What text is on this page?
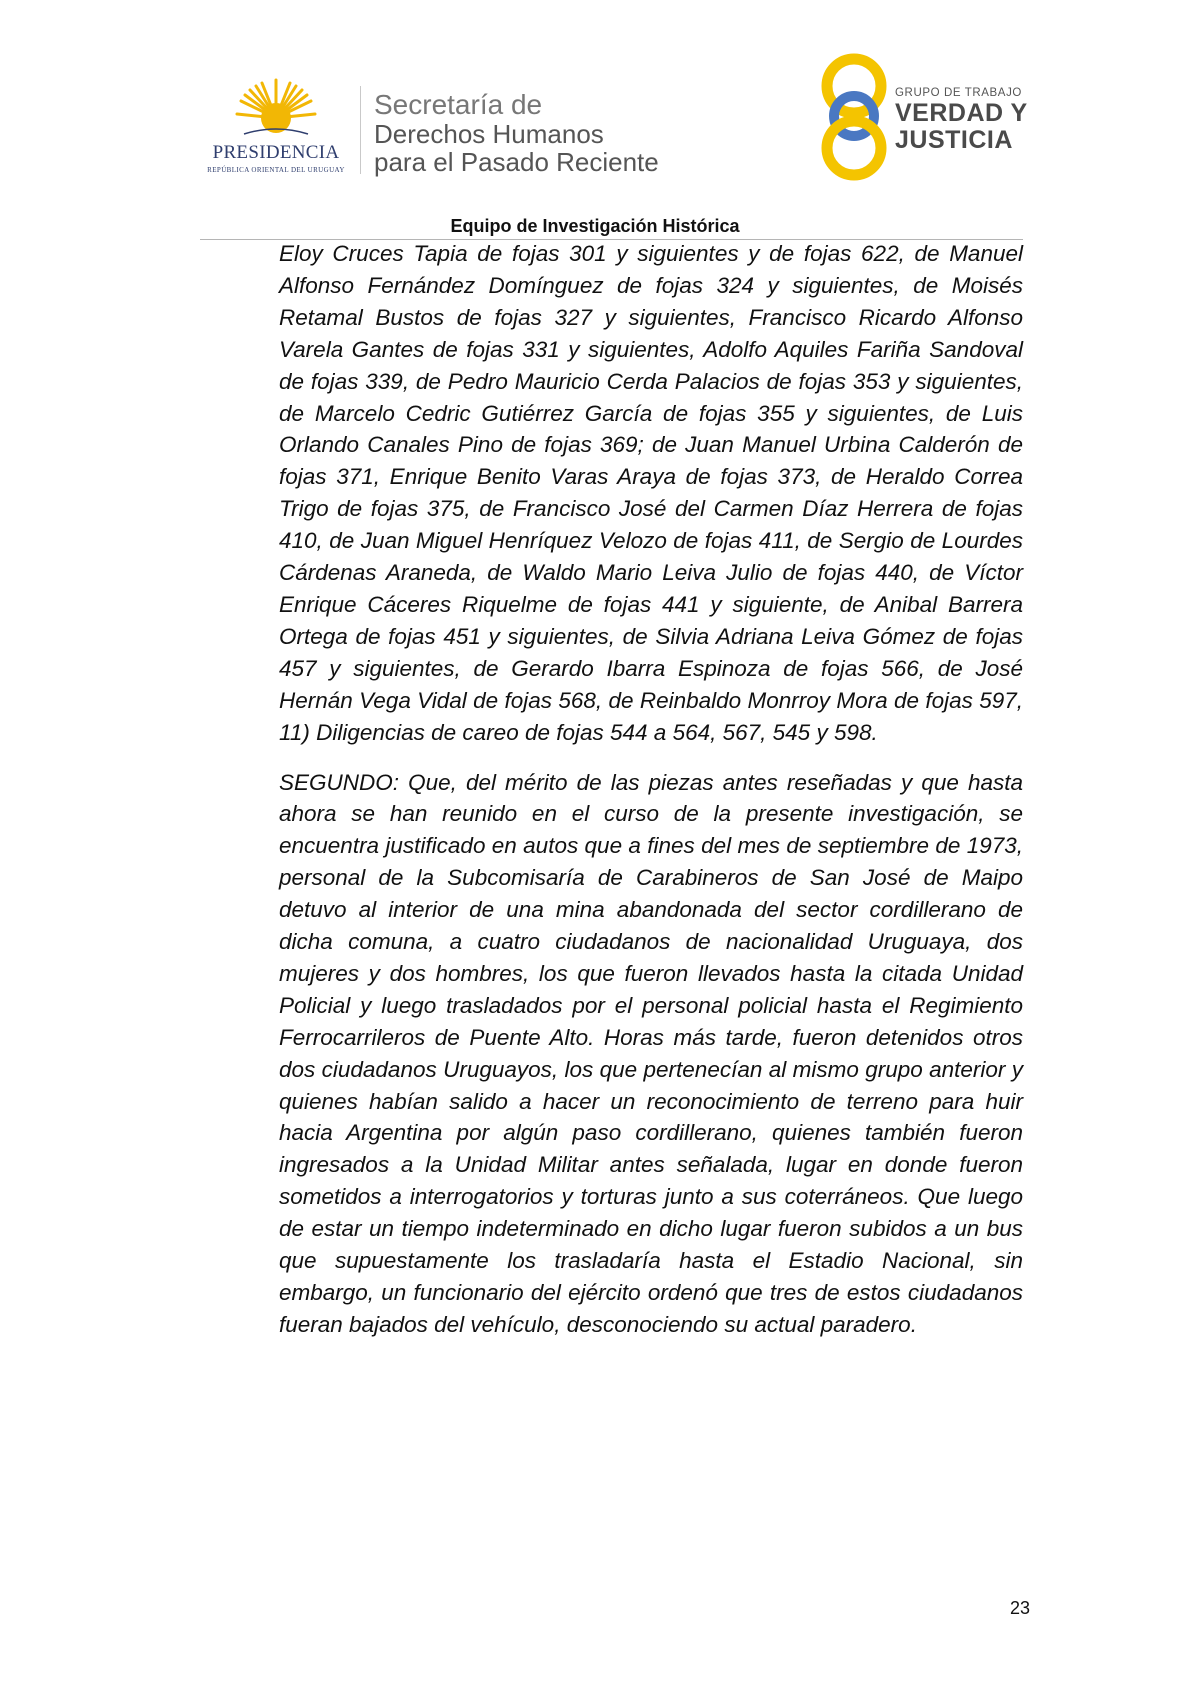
PRESIDENCIA
REPÚBLICA ORIENTAL DEL URUGUAY
Secretaría de
Derechos Humanos
para el Pasado Reciente
GRUPO DE TRABAJO
VERDAD Y
JUSTICIA
Equipo de Investigación Histórica

Eloy Cruces Tapia de fojas 301 y siguientes y de fojas 622, de Manuel Alfonso Fernández Domínguez de fojas 324 y siguientes, de Moisés Retamal Bustos de fojas 327 y siguientes, Francisco Ricardo Alfonso Varela Gantes de fojas 331 y siguientes, Adolfo Aquiles Fariña Sandoval de fojas 339, de Pedro Mauricio Cerda Palacios de fojas 353 y siguientes, de Marcelo Cedric Gutiérrez García de fojas 355 y siguientes, de Luis Orlando Canales Pino de fojas 369; de Juan Manuel Urbina Calderón de fojas 371, Enrique Benito Varas Araya de fojas 373, de Heraldo Correa Trigo de fojas 375, de Francisco José del Carmen Díaz Herrera de fojas 410, de Juan Miguel Henríquez Velozo de fojas 411, de Sergio de Lourdes Cárdenas Araneda, de Waldo Mario Leiva Julio de fojas 440, de Víctor Enrique Cáceres Riquelme de fojas 441 y siguiente, de Anibal Barrera Ortega de fojas 451 y siguientes, de Silvia Adriana Leiva Gómez de fojas 457 y siguientes, de Gerardo Ibarra Espinoza de fojas 566, de José Hernán Vega Vidal de fojas 568, de Reinbaldo Monrroy Mora de fojas 597, 11) Diligencias de careo de fojas 544 a 564, 567, 545 y 598.

SEGUNDO: Que, del mérito de las piezas antes reseñadas y que hasta ahora se han reunido en el curso de la presente investigación, se encuentra justificado en autos que a fines del mes de septiembre de 1973, personal de la Subcomisaría de Carabineros de San José de Maipo detuvo al interior de una mina abandonada del sector cordillerano de dicha comuna, a cuatro ciudadanos de nacionalidad Uruguaya, dos mujeres y dos hombres, los que fueron llevados hasta la citada Unidad Policial y luego trasladados por el personal policial hasta el Regimiento Ferrocarrileros de Puente Alto. Horas más tarde, fueron detenidos otros dos ciudadanos Uruguayos, los que pertenecían al mismo grupo anterior y quienes habían salido a hacer un reconocimiento de terreno para huir hacia Argentina por algún paso cordillerano, quienes también fueron ingresados a la Unidad Militar antes señalada, lugar en donde fueron sometidos a interrogatorios y torturas junto a sus coterráneos. Que luego de estar un tiempo indeterminado en dicho lugar fueron subidos a un bus que supuestamente los trasladaría hasta el Estadio Nacional, sin embargo, un funcionario del ejército ordenó que tres de estos ciudadanos fueran bajados del vehículo, desconociendo su actual paradero.

23
